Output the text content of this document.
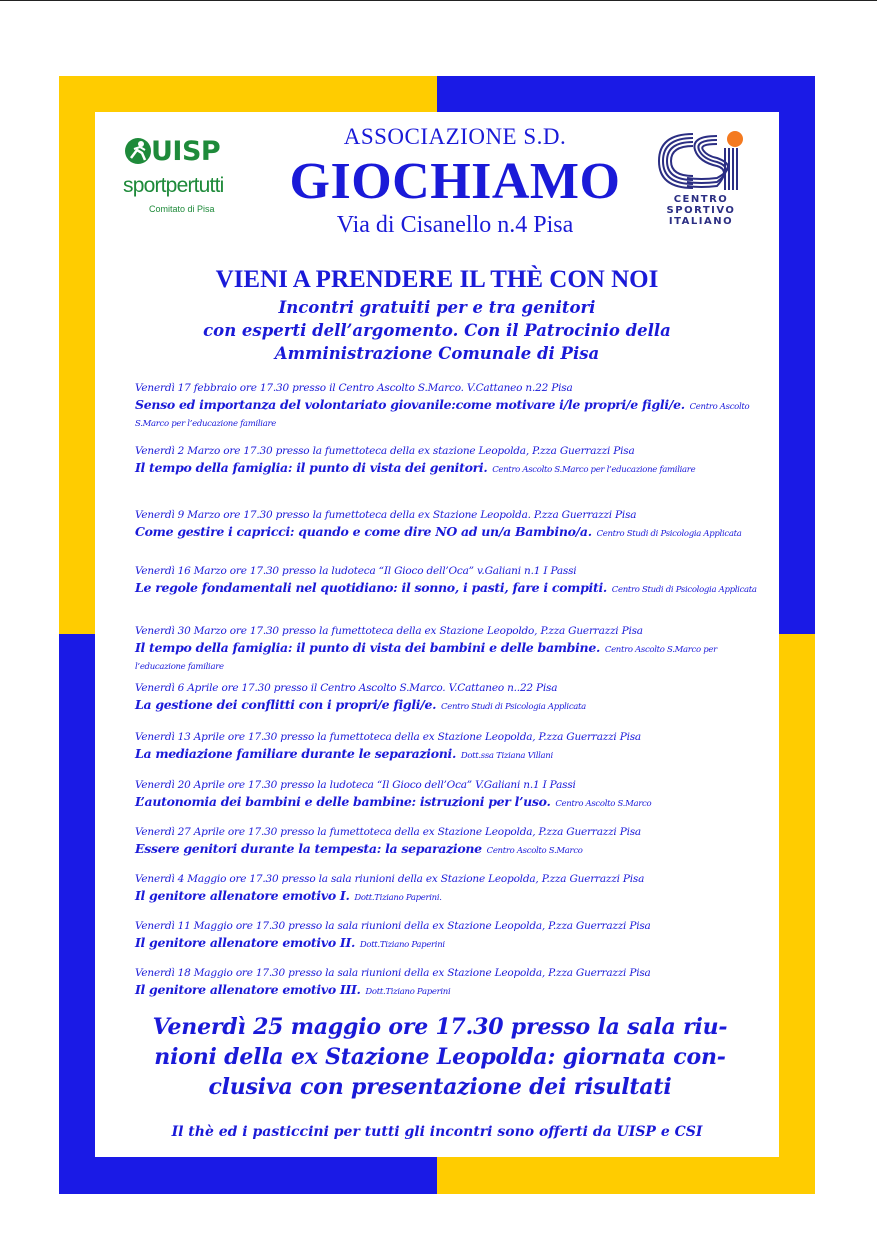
UISP
sportpertutti
Comitato di Pisa
ASSOCIAZIONE S.D.
GIOCHIAMO
Via di Cisanello n.4 Pisa
CENTRO
SPORTIVO
ITALIANO
VIENI A PRENDERE IL THÈ CON NOI
Incontri gratuiti per e tra genitori
con esperti dell’argomento. Con il Patrocinio della
Amministrazione Comunale di Pisa
Venerdì 17 febbraio ore 17.30 presso il Centro Ascolto S.Marco. V.Cattaneo n.22 Pisa
Senso ed importanza del volontariato giovanile:come motivare i/le propri/e figli/e. Centro Ascolto S.Marco per l’educazione familiare
Venerdì 2 Marzo ore 17.30 presso la fumettoteca della ex stazione Leopolda, P.zza Guerrazzi Pisa
Il tempo della famiglia: il punto di vista dei genitori. Centro Ascolto S.Marco per l’educazione familiare
Venerdì 9 Marzo ore 17.30 presso la fumettoteca della ex Stazione Leopolda. P.zza Guerrazzi Pisa
Come gestire i capricci: quando e come dire NO ad un/a Bambino/a. Centro Studi di Psicologia Applicata
Venerdì 16 Marzo ore 17.30 presso la ludoteca “Il Gioco dell’Oca” v.Galiani n.1 I Passi
Le regole fondamentali nel quotidiano: il sonno, i pasti, fare i compiti. Centro Studi di Psicologia Applicata
Venerdì 30 Marzo ore 17.30 presso la fumettoteca della ex Stazione Leopoldo, P.zza Guerrazzi Pisa
Il tempo della famiglia: il punto di vista dei bambini e delle bambine. Centro Ascolto S.Marco per l’educazione familiare
Venerdì 6 Aprile ore 17.30 presso il Centro Ascolto S.Marco. V.Cattaneo n..22 Pisa
La gestione dei conflitti con i propri/e figli/e. Centro Studi di Psicologia Applicata
Venerdì 13 Aprile ore 17.30 presso la fumettoteca della ex Stazione Leopolda, P.zza Guerrazzi Pisa
La mediazione familiare durante le separazioni. Dott.ssa Tiziana Villani
Venerdì 20 Aprile ore 17.30 presso la ludoteca “Il Gioco dell’Oca” V.Galiani n.1 I Passi
L’autonomia dei bambini e delle bambine: istruzioni per l’uso. Centro Ascolto S.Marco
Venerdì 27 Aprile ore 17.30 presso la fumettoteca della ex Stazione Leopolda, P.zza Guerrazzi Pisa
Essere genitori durante la tempesta: la separazione Centro Ascolto S.Marco
Venerdì 4 Maggio ore 17.30 presso la sala riunioni della ex Stazione Leopolda, P.zza Guerrazzi Pisa
Il genitore allenatore emotivo I. Dott.Tiziano Paperini.
Venerdì 11 Maggio ore 17.30 presso la sala riunioni della ex Stazione Leopolda, P.zza Guerrazzi Pisa
Il genitore allenatore emotivo II. Dott.Tiziano Paperini
Venerdì 18 Maggio ore 17.30 presso la sala riunioni della ex Stazione Leopolda, P.zza Guerrazzi Pisa
Il genitore allenatore emotivo III. Dott.Tiziano Paperini
Venerdì 25 maggio ore 17.30 presso la sala riu-
nioni della ex Stazione Leopolda: giornata con-
clusiva con presentazione dei risultati
Il thè ed i pasticcini per tutti gli incontri sono offerti da UISP e CSI
